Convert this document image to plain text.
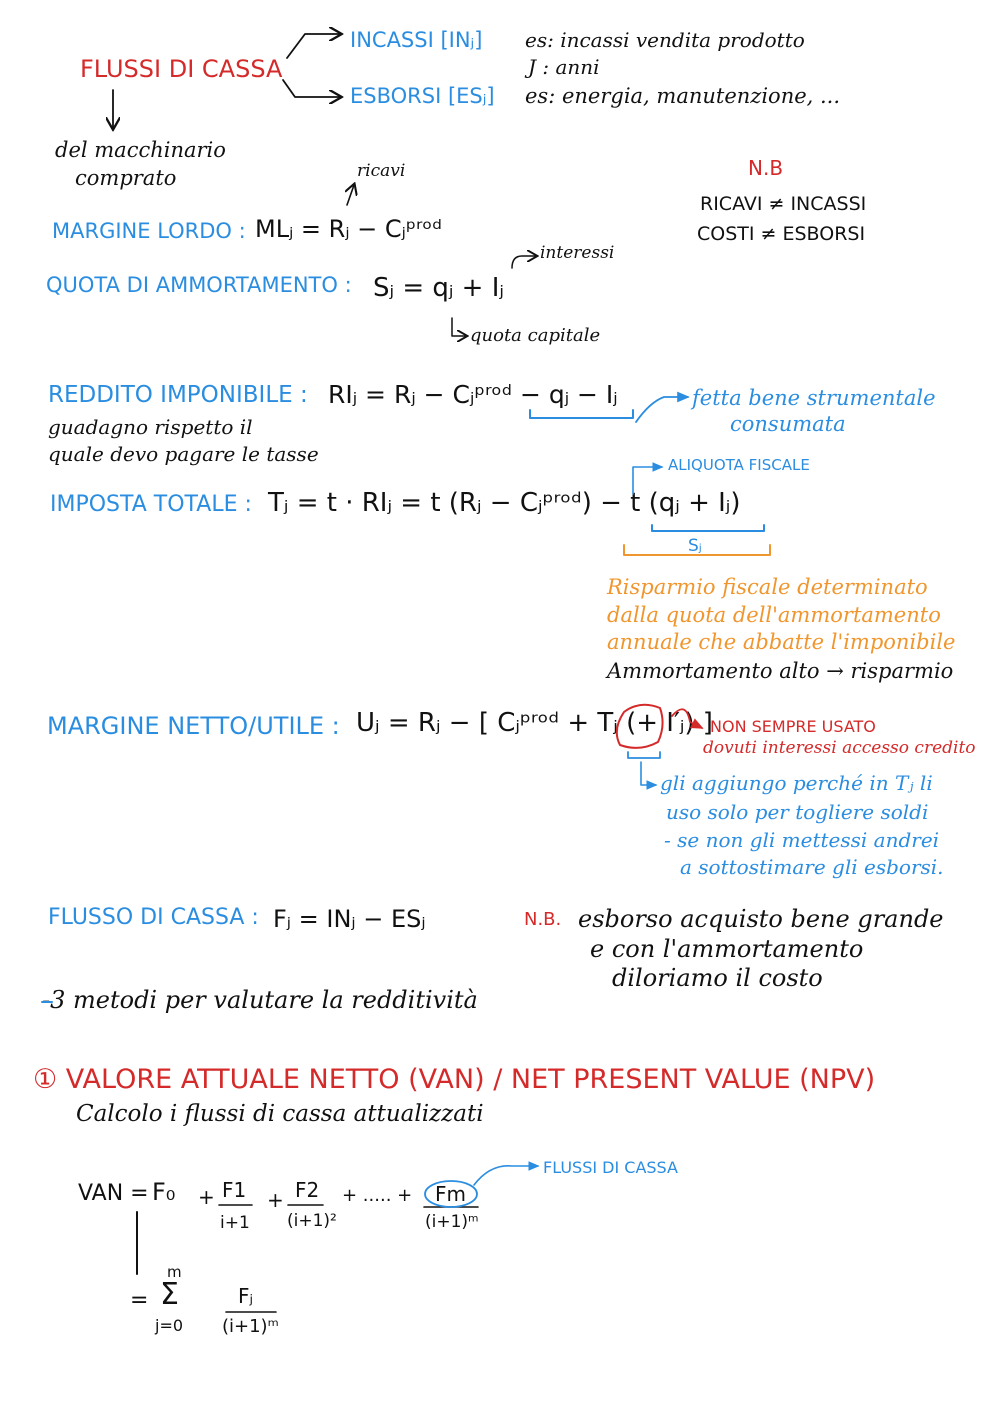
FLUSSI DI CASSA
INCASSI [INⱼ] es: incassi vendita prodotto
J : anni
ESBORSI [ESⱼ] es: energia, manutenzione, ...
del macchinario
comprato	N.B
RICAVI ≠ INCASSI
COSTI ≠ ESBORSI
ricavi
MARGINE LORDO : MLⱼ = Rⱼ − Cⱼᵖʳᵒᵈ
interessi
QUOTA DI AMMORTAMENTO : Sⱼ = qⱼ + Iⱼ
quota capitale
REDDITO IMPONIBILE : RIⱼ = Rⱼ − Cⱼᵖʳᵒᵈ − qⱼ − Iⱼ
guadagno rispetto il
quale devo pagare le tasse
fetta bene strumentale
consumata
ALIQUOTA FISCALE
IMPOSTA TOTALE : Tⱼ = t · RIⱼ = t (Rⱼ − Cⱼᵖʳᵒᵈ) − t (qⱼ + Iⱼ)
Sⱼ
Risparmio fiscale determinato
dalla quota dell'ammortamento
annuale che abbatte l'imponibile
Ammortamento alto → risparmio
MARGINE NETTO/UTILE : Uⱼ = Rⱼ − [ Cⱼᵖʳᵒᵈ + Tⱼ (+ I′ⱼ) ]
NON SEMPRE USATO
dovuti interessi accesso credito
gli aggiungo perché in Tⱼ li
uso solo per togliere soldi
- se non gli mettessi andrei
a sottostimare gli esborsi.
FLUSSO DI CASSA : Fⱼ = INⱼ − ESⱼ	N.B. esborso acquisto bene grande
e con l'ammortamento
diloriamo il costo
-3 metodi per valutare la redditività
① VALORE ATTUALE NETTO (VAN) / NET PRESENT VALUE (NPV)
Calcolo i flussi di cassa attualizzati
FLUSSI DI CASSA
VAN = F₀ + F1
i+1
+ F2
(i+1)²
+ ..... + Fm
(i+1)ᵐ
=
m
Σ
j=0
Fⱼ
(i+1)ᵐ
